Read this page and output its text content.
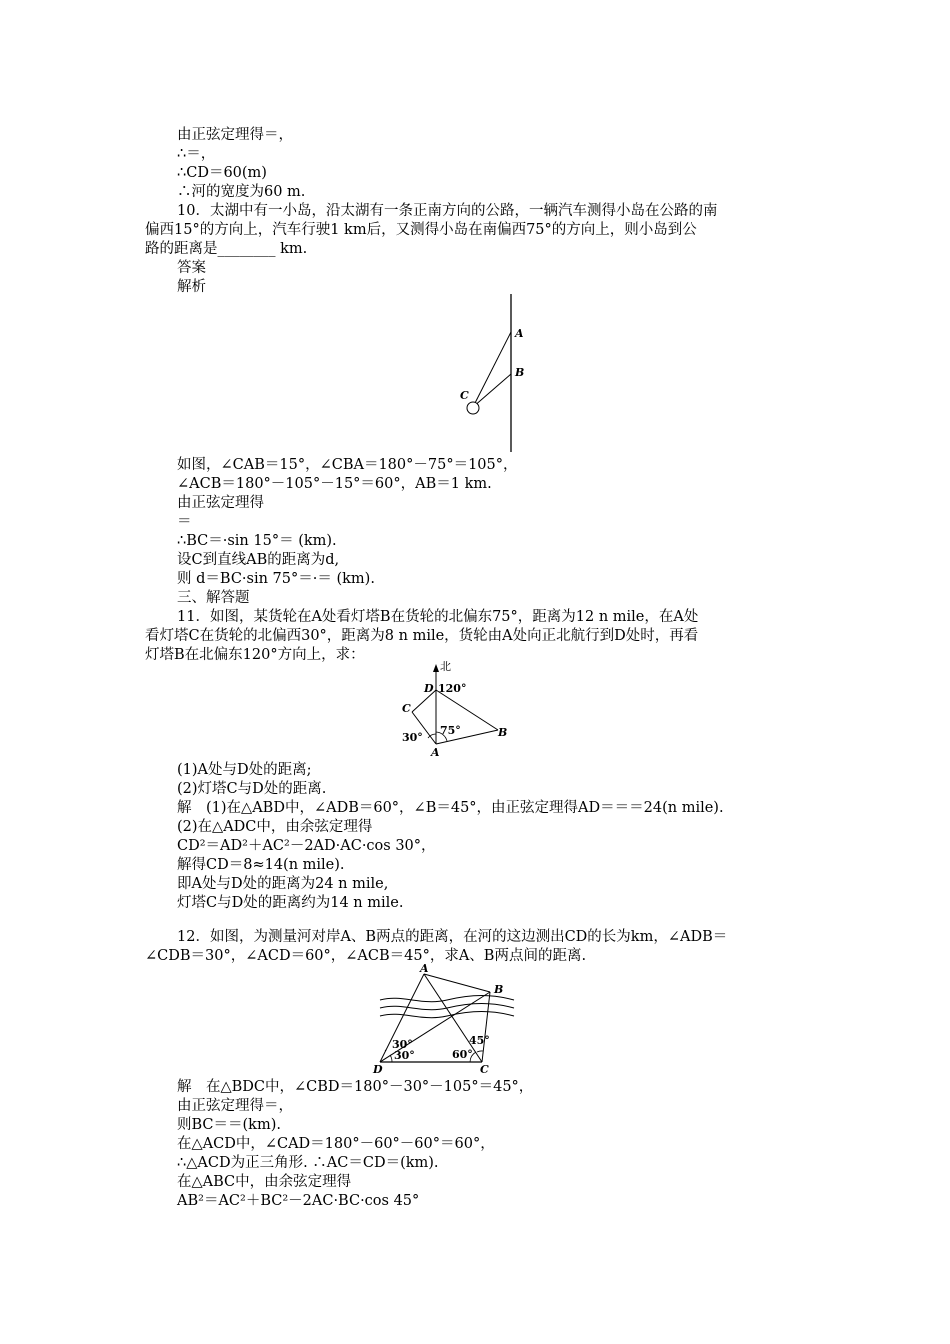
由正弦定理得＝，
∴＝，
∴CD＝60(m)
∴河的宽度为60 m.
10．太湖中有一小岛，沿太湖有一条正南方向的公路，一辆汽车测得小岛在公路的南
偏西15°的方向上，汽车行驶1 km后，又测得小岛在南偏西75°的方向上，则小岛到公
路的距离是________ km.
答案
解析
A
B
C
如图，∠CAB＝15°，∠CBA＝180°－75°＝105°，
∠ACB＝180°－105°－15°＝60°，AB＝1 km.
由正弦定理得
＝
∴BC＝·sin 15°＝ (km).
设C到直线AB的距离为d,
则 d＝BC·sin 75°＝·＝ (km).
三、解答题
11．如图，某货轮在A处看灯塔B在货轮的北偏东75°，距离为12 n mile，在A处
看灯塔C在货轮的北偏西30°，距离为8 n mile，货轮由A处向正北航行到D处时，再看
灯塔B在北偏东120°方向上，求：
北
D 120°
C
75°
30°
A
B
(1)A处与D处的距离;
(2)灯塔C与D处的距离.
解　(1)在△ABD中，∠ADB＝60°，∠B＝45°，由正弦定理得AD＝＝＝24(n mile).
(2)在△ADC中，由余弦定理得
CD²＝AD²＋AC²－2AD·AC·cos 30°，
解得CD＝8≈14(n mile).
即A处与D处的距离为24 n mile,
灯塔C与D处的距离约为14 n mile.
12．如图，为测量河对岸A、B两点的距离，在河的这边测出CD的长为km，∠ADB＝
∠CDB＝30°，∠ACD＝60°，∠ACB＝45°，求A、B两点间的距离.
A
B
30°
30°	60°
45°
D	C
解　在△BDC中，∠CBD＝180°－30°－105°＝45°，
由正弦定理得＝，
则BC＝＝(km).
在△ACD中，∠CAD＝180°－60°－60°＝60°，
∴△ACD为正三角形. ∴AC＝CD＝(km).
在△ABC中，由余弦定理得
AB²＝AC²＋BC²－2AC·BC·cos 45°
